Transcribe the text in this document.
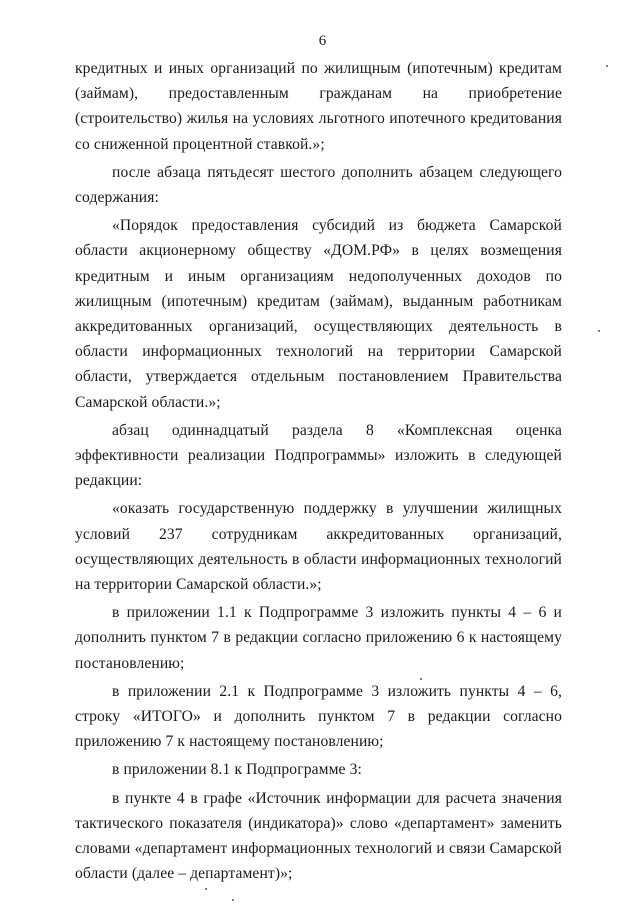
6

кредитных и иных организаций по жилищным (ипотечным) кредитам (займам), предоставленным гражданам на приобретение (строительство) жилья на условиях льготного ипотечного кредитования со сниженной процентной ставкой.»;

после абзаца пятьдесят шестого дополнить абзацем следующего содержания:

«Порядок предоставления субсидий из бюджета Самарской области акционерному обществу «ДОМ.РФ» в целях возмещения кредитным и иным организациям недополученных доходов по жилищным (ипотечным) кредитам (займам), выданным работникам аккредитованных организаций, осуществляющих деятельность в области информационных технологий на территории Самарской области, утверждается отдельным постановлением Правительства Самарской области.»;

абзац одиннадцатый раздела 8 «Комплексная оценка эффективности реализации Подпрограммы» изложить в следующей редакции:

«оказать государственную поддержку в улучшении жилищных условий 237 сотрудникам аккредитованных организаций, осуществляющих деятельность в области информационных технологий на территории Самарской области.»;

в приложении 1.1 к Подпрограмме 3 изложить пункты 4 – 6 и дополнить пунктом 7 в редакции согласно приложению 6 к настоящему постановлению;

в приложении 2.1 к Подпрограмме 3 изложить пункты 4 – 6, строку «ИТОГО» и дополнить пунктом 7 в редакции согласно приложению 7 к настоящему постановлению;

в приложении 8.1 к Подпрограмме 3:

в пункте 4 в графе «Источник информации для расчета значения тактического показателя (индикатора)» слово «департамент» заменить словами «департамент информационных технологий и связи Самарской области (далее – департамент)»;
